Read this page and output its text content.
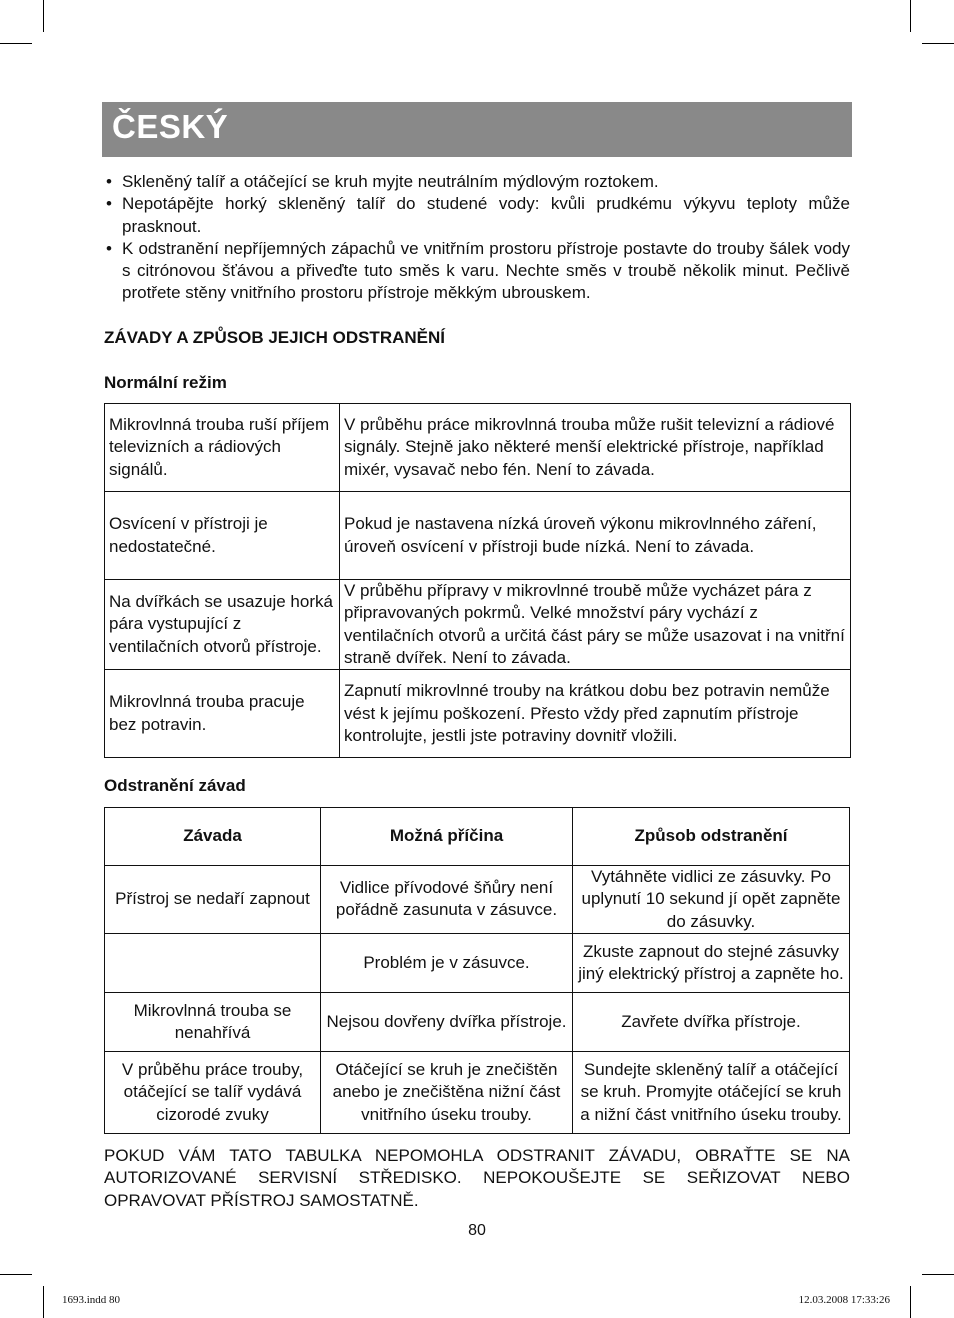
ČESKÝ
• Skleněný talíř a otáčející se kruh myjte neutrálním mýdlovým roztokem.
• Nepotápějte horký skleněný talíř do studené vody: kvůli prudkému výkyvu teploty může prasknout.
• K odstranění nepříjemných zápachů ve vnitřním prostoru přístroje postavte do trouby šálek vody s citrónovou šťávou a přiveďte tuto směs k varu. Nechte směs v troubě několik minut. Pečlivě protřete stěny vnitřního prostoru přístroje měkkým ubrouskem.
ZÁVADY A ZPŮSOB JEJICH ODSTRANĚNÍ
Normální režim
Mikrovlnná trouba ruší příjem televizních a rádiových signálů.	V průběhu práce mikrovlnná trouba může rušit televizní a rádiové signály. Stejně jako některé menší elektrické přístroje, například mixér, vysavač nebo fén. Není to závada.
Osvícení v přístroji je nedostatečné.	Pokud je nastavena nízká úroveň výkonu mikrovlnného záření, úroveň osvícení v přístroji bude nízká. Není to závada.
Na dvířkách se usazuje horká pára vystupující z ventilačních otvorů přístroje.	V průběhu přípravy v mikrovlnné troubě může vycházet pára z připravovaných pokrmů. Velké množství páry vychází z ventilačních otvorů a určitá část páry se může usazovat i na vnitřní straně dvířek. Není to závada.
Mikrovlnná trouba pracuje bez potravin.	Zapnutí mikrovlnné trouby na krátkou dobu bez potravin nemůže vést k jejímu poškození. Přesto vždy před zapnutím přístroje kontrolujte, jestli jste potraviny dovnitř vložili.
Odstranění závad
Závada	Možná příčina	Způsob odstranění
Přístroj se nedaří zapnout	Vidlice přívodové šňůry není pořádně zasunuta v zásuvce.	Vytáhněte vidlici ze zásuvky. Po uplynutí 10 sekund jí opět zapněte do zásuvky.
	Problém je v zásuvce.	Zkuste zapnout do stejné zásuvky jiný elektrický přístroj a zapněte ho.
Mikrovlnná trouba se nenahřívá	Nejsou dovřeny dvířka přístroje.	Zavřete dvířka přístroje.
V průběhu práce trouby, otáčející se talíř vydává cizorodé zvuky	Otáčející se kruh je znečištěn anebo je znečištěna nižní část vnitřního úseku trouby.	Sundejte skleněný talíř a otáčející se kruh. Promyjte otáčející se kruh a nižní část vnitřního úseku trouby.

POKUD VÁM TATO TABULKA NEPOMOHLA ODSTRANIT ZÁVADU, OBRAŤTE SE NA AUTORIZOVANÉ SERVISNÍ STŘEDISKO. NEPOKOUŠEJTE SE SEŘIZOVAT NEBO OPRAVOVAT PŘÍSTROJ SAMOSTATNĚ.

80
1693.indd 80	12.03.2008 17:33:26
